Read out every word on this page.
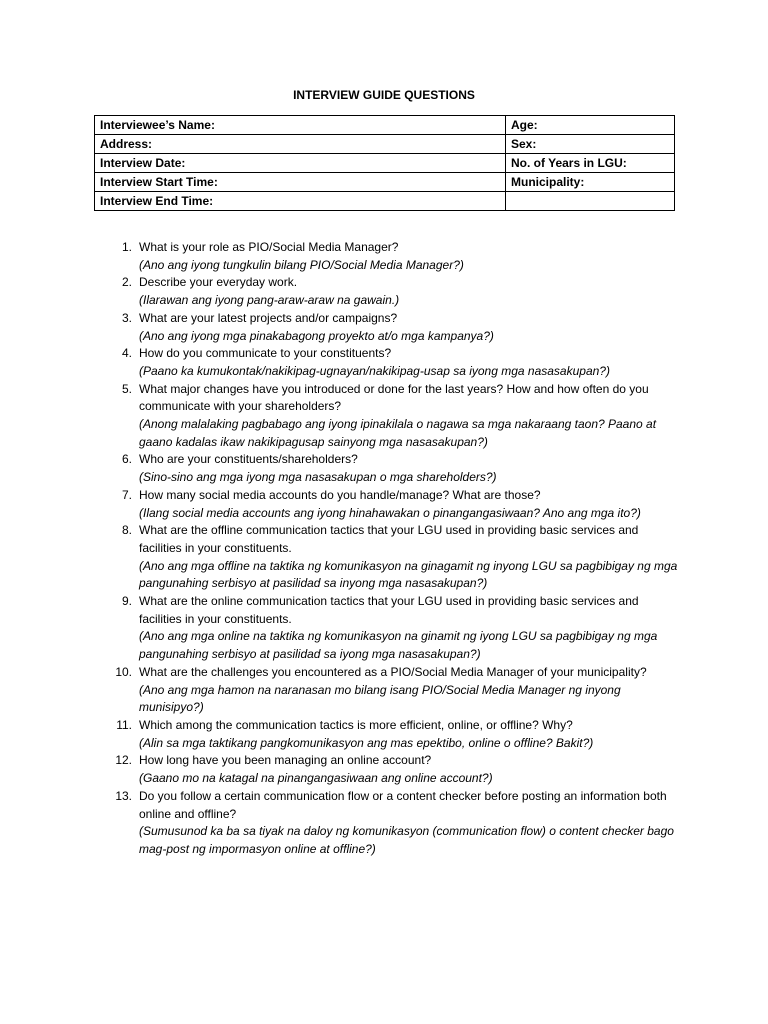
INTERVIEW GUIDE QUESTIONS
Interviewee’s Name:	Age:
Address:	Sex:
Interview Date:	No. of Years in LGU:
Interview Start Time:	Municipality:
Interview End Time:	
1. What is your role as PIO/Social Media Manager?
(Ano ang iyong tungkulin bilang PIO/Social Media Manager?)
2. Describe your everyday work.
(Ilarawan ang iyong pang-araw-araw na gawain.)
3. What are your latest projects and/or campaigns?
(Ano ang iyong mga pinakabagong proyekto at/o mga kampanya?)
4. How do you communicate to your constituents?
(Paano ka kumukontak/nakikipag-ugnayan/nakikipag-usap sa iyong mga nasasakupan?)
5. What major changes have you introduced or done for the last years? How and how often do you communicate with your shareholders?
(Anong malalaking pagbabago ang iyong ipinakilala o nagawa sa mga nakaraang taon? Paano at gaano kadalas ikaw nakikipagusap sainyong mga nasasakupan?)
6. Who are your constituents/shareholders?
(Sino-sino ang mga iyong mga nasasakupan o mga shareholders?)
7. How many social media accounts do you handle/manage? What are those?
(Ilang social media accounts ang iyong hinahawakan o pinangangasiwaan? Ano ang mga ito?)
8. What are the offline communication tactics that your LGU used in providing basic services and facilities in your constituents.
(Ano ang mga offline na taktika ng komunikasyon na ginagamit ng inyong LGU sa pagbibigay ng mga pangunahing serbisyo at pasilidad sa inyong mga nasasakupan?)
9. What are the online communication tactics that your LGU used in providing basic services and facilities in your constituents.
(Ano ang mga online na taktika ng komunikasyon na ginamit ng iyong LGU sa pagbibigay ng mga pangunahing serbisyo at pasilidad sa iyong mga nasasakupan?)
10. What are the challenges you encountered as a PIO/Social Media Manager of your municipality?
(Ano ang mga hamon na naranasan mo bilang isang PIO/Social Media Manager ng inyong munisipyo?)
11. Which among the communication tactics is more efficient, online, or offline? Why?
(Alin sa mga taktikang pangkomunikasyon ang mas epektibo, online o offline? Bakit?)
12. How long have you been managing an online account?
(Gaano mo na katagal na pinangangasiwaan ang online account?)
13. Do you follow a certain communication flow or a content checker before posting an information both online and offline?
(Sumusunod ka ba sa tiyak na daloy ng komunikasyon (communication flow) o content checker bago mag-post ng impormasyon online at offline?)
